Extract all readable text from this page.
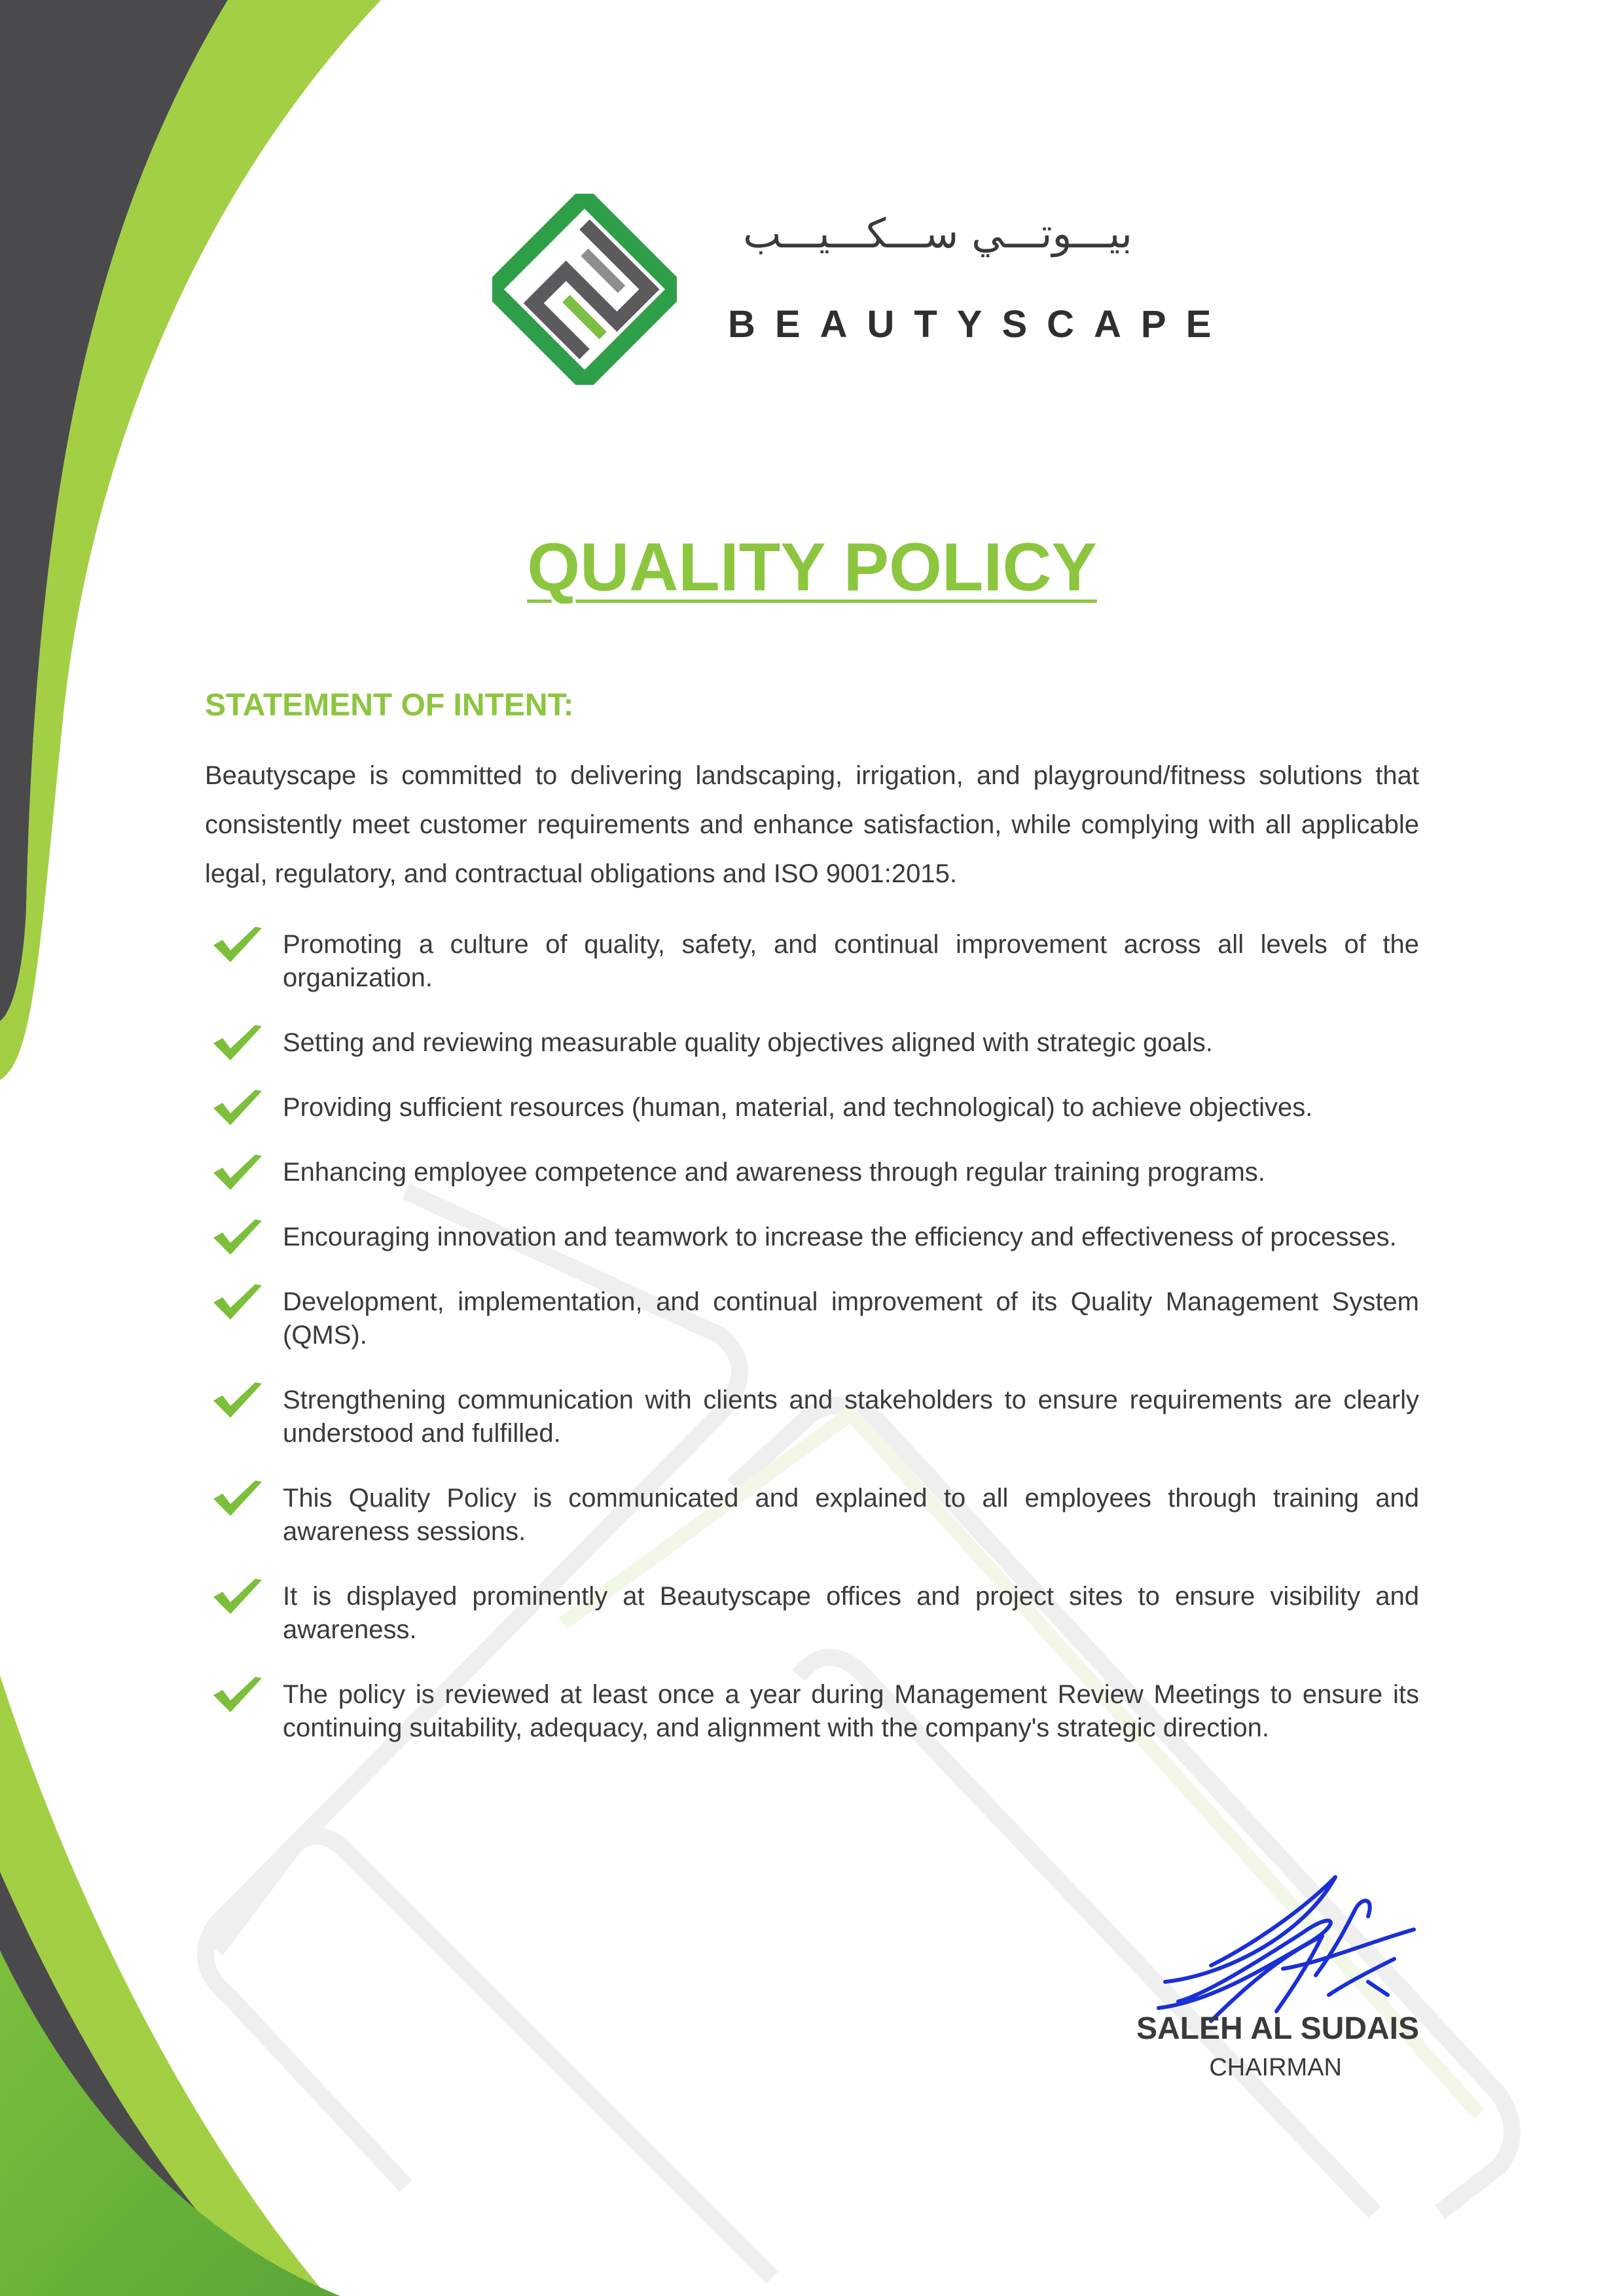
بيـــوتـــي ســـكـــيـــب
BEAUTYSCAPE
QUALITY POLICY
STATEMENT OF INTENT:
Beautyscape is committed to delivering landscaping, irrigation, and playground/fitness solutions that consistently meet customer requirements and enhance satisfaction, while complying with all applicable legal, regulatory, and contractual obligations and ISO 9001:2015.
Promoting a culture of quality, safety, and continual improvement across all levels of the organization.
Setting and reviewing measurable quality objectives aligned with strategic goals.
Providing sufficient resources (human, material, and technological) to achieve objectives.
Enhancing employee competence and awareness through regular training programs.
Encouraging innovation and teamwork to increase the efficiency and effectiveness of processes.
Development, implementation, and continual improvement of its Quality Management System (QMS).
Strengthening communication with clients and stakeholders to ensure requirements are clearly understood and fulfilled.
This Quality Policy is communicated and explained to all employees through training and awareness sessions.
It is displayed prominently at Beautyscape offices and project sites to ensure visibility and awareness.
The policy is reviewed at least once a year during Management Review Meetings to ensure its continuing suitability, adequacy, and alignment with the company's strategic direction.
SALEH AL SUDAIS
CHAIRMAN
